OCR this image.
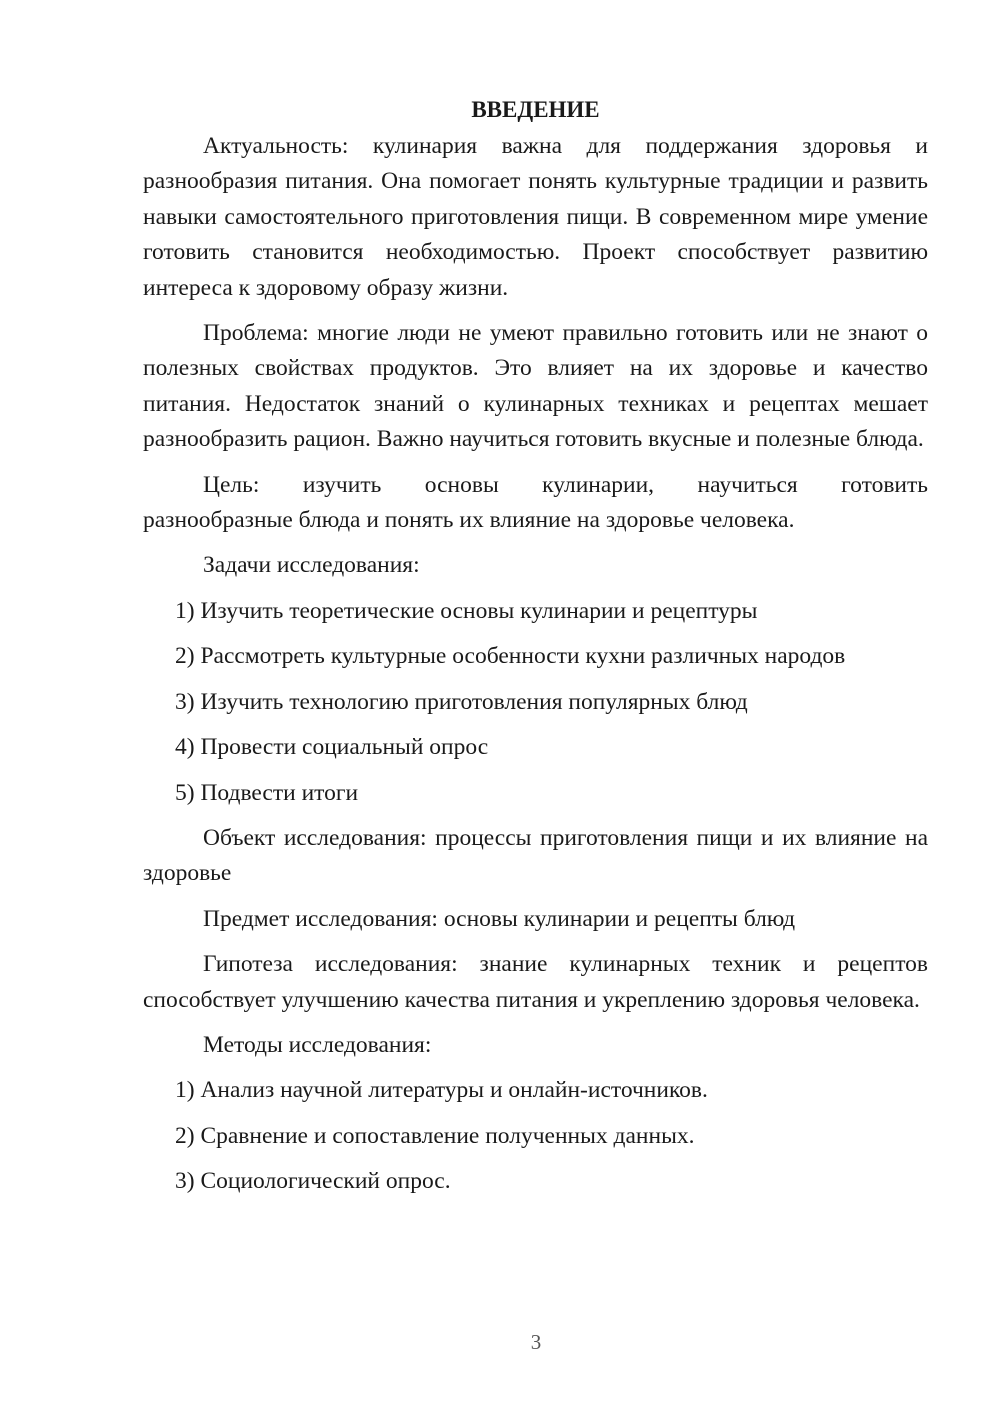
ВВЕДЕНИЕ

Актуальность: кулинария важна для поддержания здоровья и разнообразия питания. Она помогает понять культурные традиции и развить навыки самостоятельного приготовления пищи. В современном мире умение готовить становится необходимостью. Проект способствует развитию интереса к здоровому образу жизни.

Проблема: многие люди не умеют правильно готовить или не знают о полезных свойствах продуктов. Это влияет на их здоровье и качество питания. Недостаток знаний о кулинарных техниках и рецептах мешает разнообразить рацион. Важно научиться готовить вкусные и полезные блюда.

Цель: изучить основы кулинарии, научиться готовить
разнообразные блюда и понять их влияние на здоровье человека.

Задачи исследования:

1) Изучить теоретические основы кулинарии и рецептуры

2) Рассмотреть культурные особенности кухни различных народов

3) Изучить технологию приготовления популярных блюд

4) Провести социальный опрос

5) Подвести итоги

Объект исследования: процессы приготовления пищи и их влияние на здоровье

Предмет исследования: основы кулинарии и рецепты блюд

Гипотеза исследования: знание кулинарных техник и рецептов способствует улучшению качества питания и укреплению здоровья человека.

Методы исследования:

1) Анализ научной литературы и онлайн-источников.

2) Сравнение и сопоставление полученных данных.

3) Социологический опрос.

3
